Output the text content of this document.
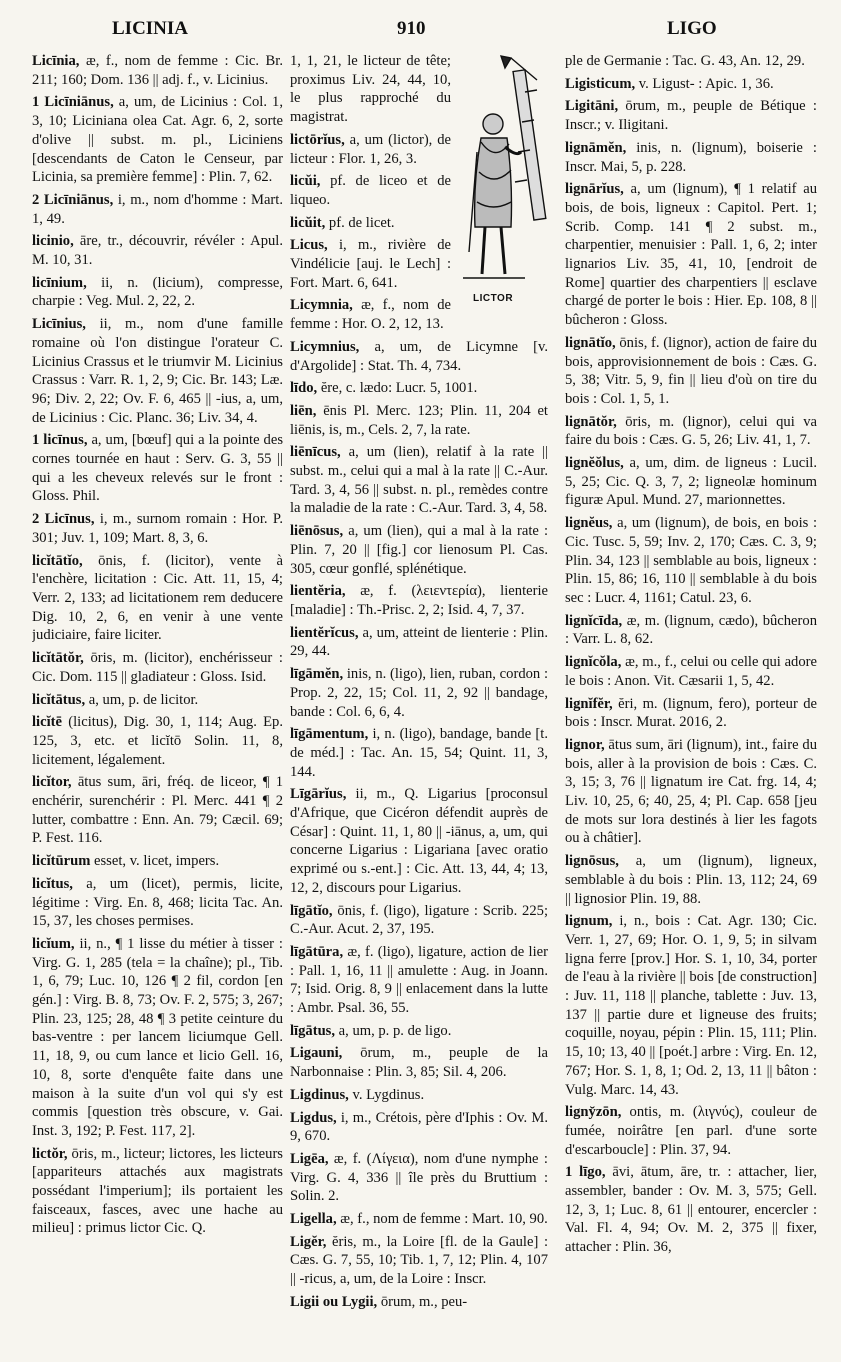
LICINIA	910	LIGO
Licīnia, æ, f., nom de femme : Cic. Br. 211; 160; Dom. 136 || adj. f., v. Licinius.
1 Licīniānus, a, um, de Licinius : Col. 1, 3, 10; Liciniana olea Cat. Agr. 6, 2, sorte d'olive || subst. m. pl., Liciniens [descendants de Caton le Censeur, par Licinia, sa première femme] : Plin. 7, 62.
2 Licīniānus, i, m., nom d'homme : Mart. 1, 49.
licinio, āre, tr., découvrir, révéler : Apul. M. 10, 31.
licīnium, ii, n. (licium), compresse, charpie : Veg. Mul. 2, 22, 2.
Licīnius, ii, m., nom d'une famille romaine où l'on distingue l'orateur C. Licinius Crassus et le triumvir M. Licinius Crassus : Varr. R. 1, 2, 9; Cic. Br. 143; Læ. 96; Div. 2, 22; Ov. F. 6, 465 || -ius, a, um, de Licinius : Cic. Planc. 36; Liv. 34, 4.
1 licīnus, a, um, [bœuf] qui a la pointe des cornes tournée en haut : Serv. G. 3, 55 || qui a les cheveux relevés sur le front : Gloss. Phil.
2 Licīnus, i, m., surnom romain : Hor. P. 301; Juv. 1, 109; Mart. 8, 3, 6.
licĭtātĭo, ōnis, f. (licitor), vente à l'enchère, licitation : Cic. Att. 11, 15, 4; Verr. 2, 133; ad licitationem rem deducere Dig. 10, 2, 6, en venir à une vente judiciaire, faire liciter.
licĭtātŏr, ōris, m. (licitor), enchérisseur : Cic. Dom. 115 || gladiateur : Gloss. Isid.
licĭtātus, a, um, p. de licitor.
licĭtē (licitus), Dig. 30, 1, 114; Aug. Ep. 125, 3, etc. et licĭtō Solin. 11, 8, licitement, légalement.
licĭtor, ātus sum, āri, fréq. de liceor, ¶ 1 enchérir, surenchérir : Pl. Merc. 441 ¶ 2 lutter, combattre : Enn. An. 79; Cæcil. 69; P. Fest. 116.
licĭtūrum esset, v. licet, impers.
licĭtus, a, um (licet), permis, licite, légitime : Virg. En. 8, 468; licita Tac. An. 15, 37, les choses permises.
licĭum, ii, n., ¶ 1 lisse du métier à tisser : Virg. G. 1, 285 (tela = la chaîne); pl., Tib. 1, 6, 79; Luc. 10, 126 ¶ 2 fil, cordon [en gén.] : Virg. B. 8, 73; Ov. F. 2, 575; 3, 267; Plin. 23, 125; 28, 48 ¶ 3 petite ceinture du bas-ventre : per lancem liciumque Gell. 11, 18, 9, ou cum lance et licio Gell. 16, 10, 8, sorte d'enquête faite dans une maison à la suite d'un vol qui s'y est commis [question très obscure, v. Gai. Inst. 3, 192; P. Fest. 117, 2].
lictŏr, ōris, m., licteur; lictores, les licteurs [appariteurs attachés aux magistrats possédant l'imperium]; ils portaient les faisceaux, fasces, avec une hache au milieu] : primus lictor Cic. Q.
LICTOR
1, 1, 21, le licteur de tête; proximus Liv. 24, 44, 10, le plus rapproché du magistrat.
lictōrĭus, a, um (lictor), de licteur : Flor. 1, 26, 3.
licŭi, pf. de liceo et de liqueo.
licŭit, pf. de licet.
Licus, i, m., rivière de Vindélicie [auj. le Lech] : Fort. Mart. 6, 641.
Licymnia, æ, f., nom de femme : Hor. O. 2, 12, 13.
Licymnius, a, um, de Licymne [v. d'Argolide] : Stat. Th. 4, 734.
līdo, ĕre, c. lædo: Lucr. 5, 1001.
liēn, ēnis Pl. Merc. 123; Plin. 11, 204 et liēnis, is, m., Cels. 2, 7, la rate.
liēnīcus, a, um (lien), relatif à la rate || subst. m., celui qui a mal à la rate || C.-Aur. Tard. 3, 4, 56 || subst. n. pl., remèdes contre la maladie de la rate : C.-Aur. Tard. 3, 4, 58.
liēnōsus, a, um (lien), qui a mal à la rate : Plin. 7, 20 || [fig.] cor lienosum Pl. Cas. 305, cœur gonflé, splénétique.
lientĕria, æ, f. (λειεντερία), lienterie [maladie] : Th.-Prisc. 2, 2; Isid. 4, 7, 37.
lientĕrĭcus, a, um, atteint de lienterie : Plin. 29, 44.
līgāmĕn, inis, n. (ligo), lien, ruban, cordon : Prop. 2, 22, 15; Col. 11, 2, 92 || bandage, bande : Col. 6, 6, 4.
līgāmentum, i, n. (ligo), bandage, bande [t. de méd.] : Tac. An. 15, 54; Quint. 11, 3, 144.
Līgārĭus, ii, m., Q. Ligarius [proconsul d'Afrique, que Cicéron défendit auprès de César] : Quint. 11, 1, 80 || -iānus, a, um, qui concerne Ligarius : Ligariana [avec oratio exprimé ou s.-ent.] : Cic. Att. 13, 44, 4; 13, 12, 2, discours pour Ligarius.
līgātĭo, ōnis, f. (ligo), ligature : Scrib. 225; C.-Aur. Acut. 2, 37, 195.
līgātūra, æ, f. (ligo), ligature, action de lier : Pall. 1, 16, 11 || amulette : Aug. in Joann. 7; Isid. Orig. 8, 9 || enlacement dans la lutte : Ambr. Psal. 36, 55.
līgātus, a, um, p. p. de ligo.
Ligauni, ōrum, m., peuple de la Narbonnaise : Plin. 3, 85; Sil. 4, 206.
Ligdinus, v. Lygdinus.
Ligdus, i, m., Crétois, père d'Iphis : Ov. M. 9, 670.
Ligēa, æ, f. (Λίγεια), nom d'une nymphe : Virg. G. 4, 336 || île près du Bruttium : Solin. 2.
Ligella, æ, f., nom de femme : Mart. 10, 90.
Ligĕr, ĕris, m., la Loire [fl. de la Gaule] : Cæs. G. 7, 55, 10; Tib. 1, 7, 12; Plin. 4, 107 || -ricus, a, um, de la Loire : Inscr.
Ligii ou Lygii, ōrum, m., peu-
ple de Germanie : Tac. G. 43, An. 12, 29.
Ligisticum, v. Ligust- : Apic. 1, 36.
Ligitāni, ōrum, m., peuple de Bétique : Inscr.; v. Iligitani.
lignāmĕn, inis, n. (lignum), boiserie : Inscr. Mai, 5, p. 228.
lignārĭus, a, um (lignum), ¶ 1 relatif au bois, de bois, ligneux : Capitol. Pert. 1; Scrib. Comp. 141 ¶ 2 subst. m., charpentier, menuisier : Pall. 1, 6, 2; inter lignarios Liv. 35, 41, 10, [endroit de Rome] quartier des charpentiers || esclave chargé de porter le bois : Hier. Ep. 108, 8 || bûcheron : Gloss.
lignātĭo, ōnis, f. (lignor), action de faire du bois, approvisionnement de bois : Cæs. G. 5, 38; Vitr. 5, 9, fin || lieu d'où on tire du bois : Col. 1, 5, 1.
lignātŏr, ōris, m. (lignor), celui qui va faire du bois : Cæs. G. 5, 26; Liv. 41, 1, 7.
lignĕŏlus, a, um, dim. de ligneus : Lucil. 5, 25; Cic. Q. 3, 7, 2; ligneolæ hominum figuræ Apul. Mund. 27, marionnettes.
lignĕus, a, um (lignum), de bois, en bois : Cic. Tusc. 5, 59; Inv. 2, 170; Cæs. C. 3, 9; Plin. 34, 123 || semblable au bois, ligneux : Plin. 15, 86; 16, 110 || semblable à du bois sec : Lucr. 4, 1161; Catul. 23, 6.
lignĭcīda, æ, m. (lignum, cædo), bûcheron : Varr. L. 8, 62.
lignĭcŏla, æ, m., f., celui ou celle qui adore le bois : Anon. Vit. Cæsarii 1, 5, 42.
lignĭfĕr, ĕri, m. (lignum, fero), porteur de bois : Inscr. Murat. 2016, 2.
lignor, ātus sum, āri (lignum), int., faire du bois, aller à la provision de bois : Cæs. C. 3, 15; 3, 76 || lignatum ire Cat. frg. 14, 4; Liv. 10, 25, 6; 40, 25, 4; Pl. Cap. 658 [jeu de mots sur lora destinés à lier les fagots ou à châtier].
lignōsus, a, um (lignum), ligneux, semblable à du bois : Plin. 13, 112; 24, 69 || lignosior Plin. 19, 88.
lignum, i, n., bois : Cat. Agr. 130; Cic. Verr. 1, 27, 69; Hor. O. 1, 9, 5; in silvam ligna ferre [prov.] Hor. S. 1, 10, 34, porter de l'eau à la rivière || bois [de construction] : Juv. 11, 118 || planche, tablette : Juv. 13, 137 || partie dure et ligneuse des fruits; coquille, noyau, pépin : Plin. 15, 111; Plin. 15, 10; 13, 40 || [poét.] arbre : Virg. En. 12, 767; Hor. S. 1, 8, 1; Od. 2, 13, 11 || bâton : Vulg. Marc. 14, 43.
ligny̆zōn, ontis, m. (λιγνύς), couleur de fumée, noirâtre [en parl. d'une sorte d'escarboucle] : Plin. 37, 94.
1 līgo, āvi, ātum, āre, tr. : attacher, lier, assembler, bander : Ov. M. 3, 575; Gell. 12, 3, 1; Luc. 8, 61 || entourer, encercler : Val. Fl. 4, 94; Ov. M. 2, 375 || fixer, attacher : Plin. 36,
